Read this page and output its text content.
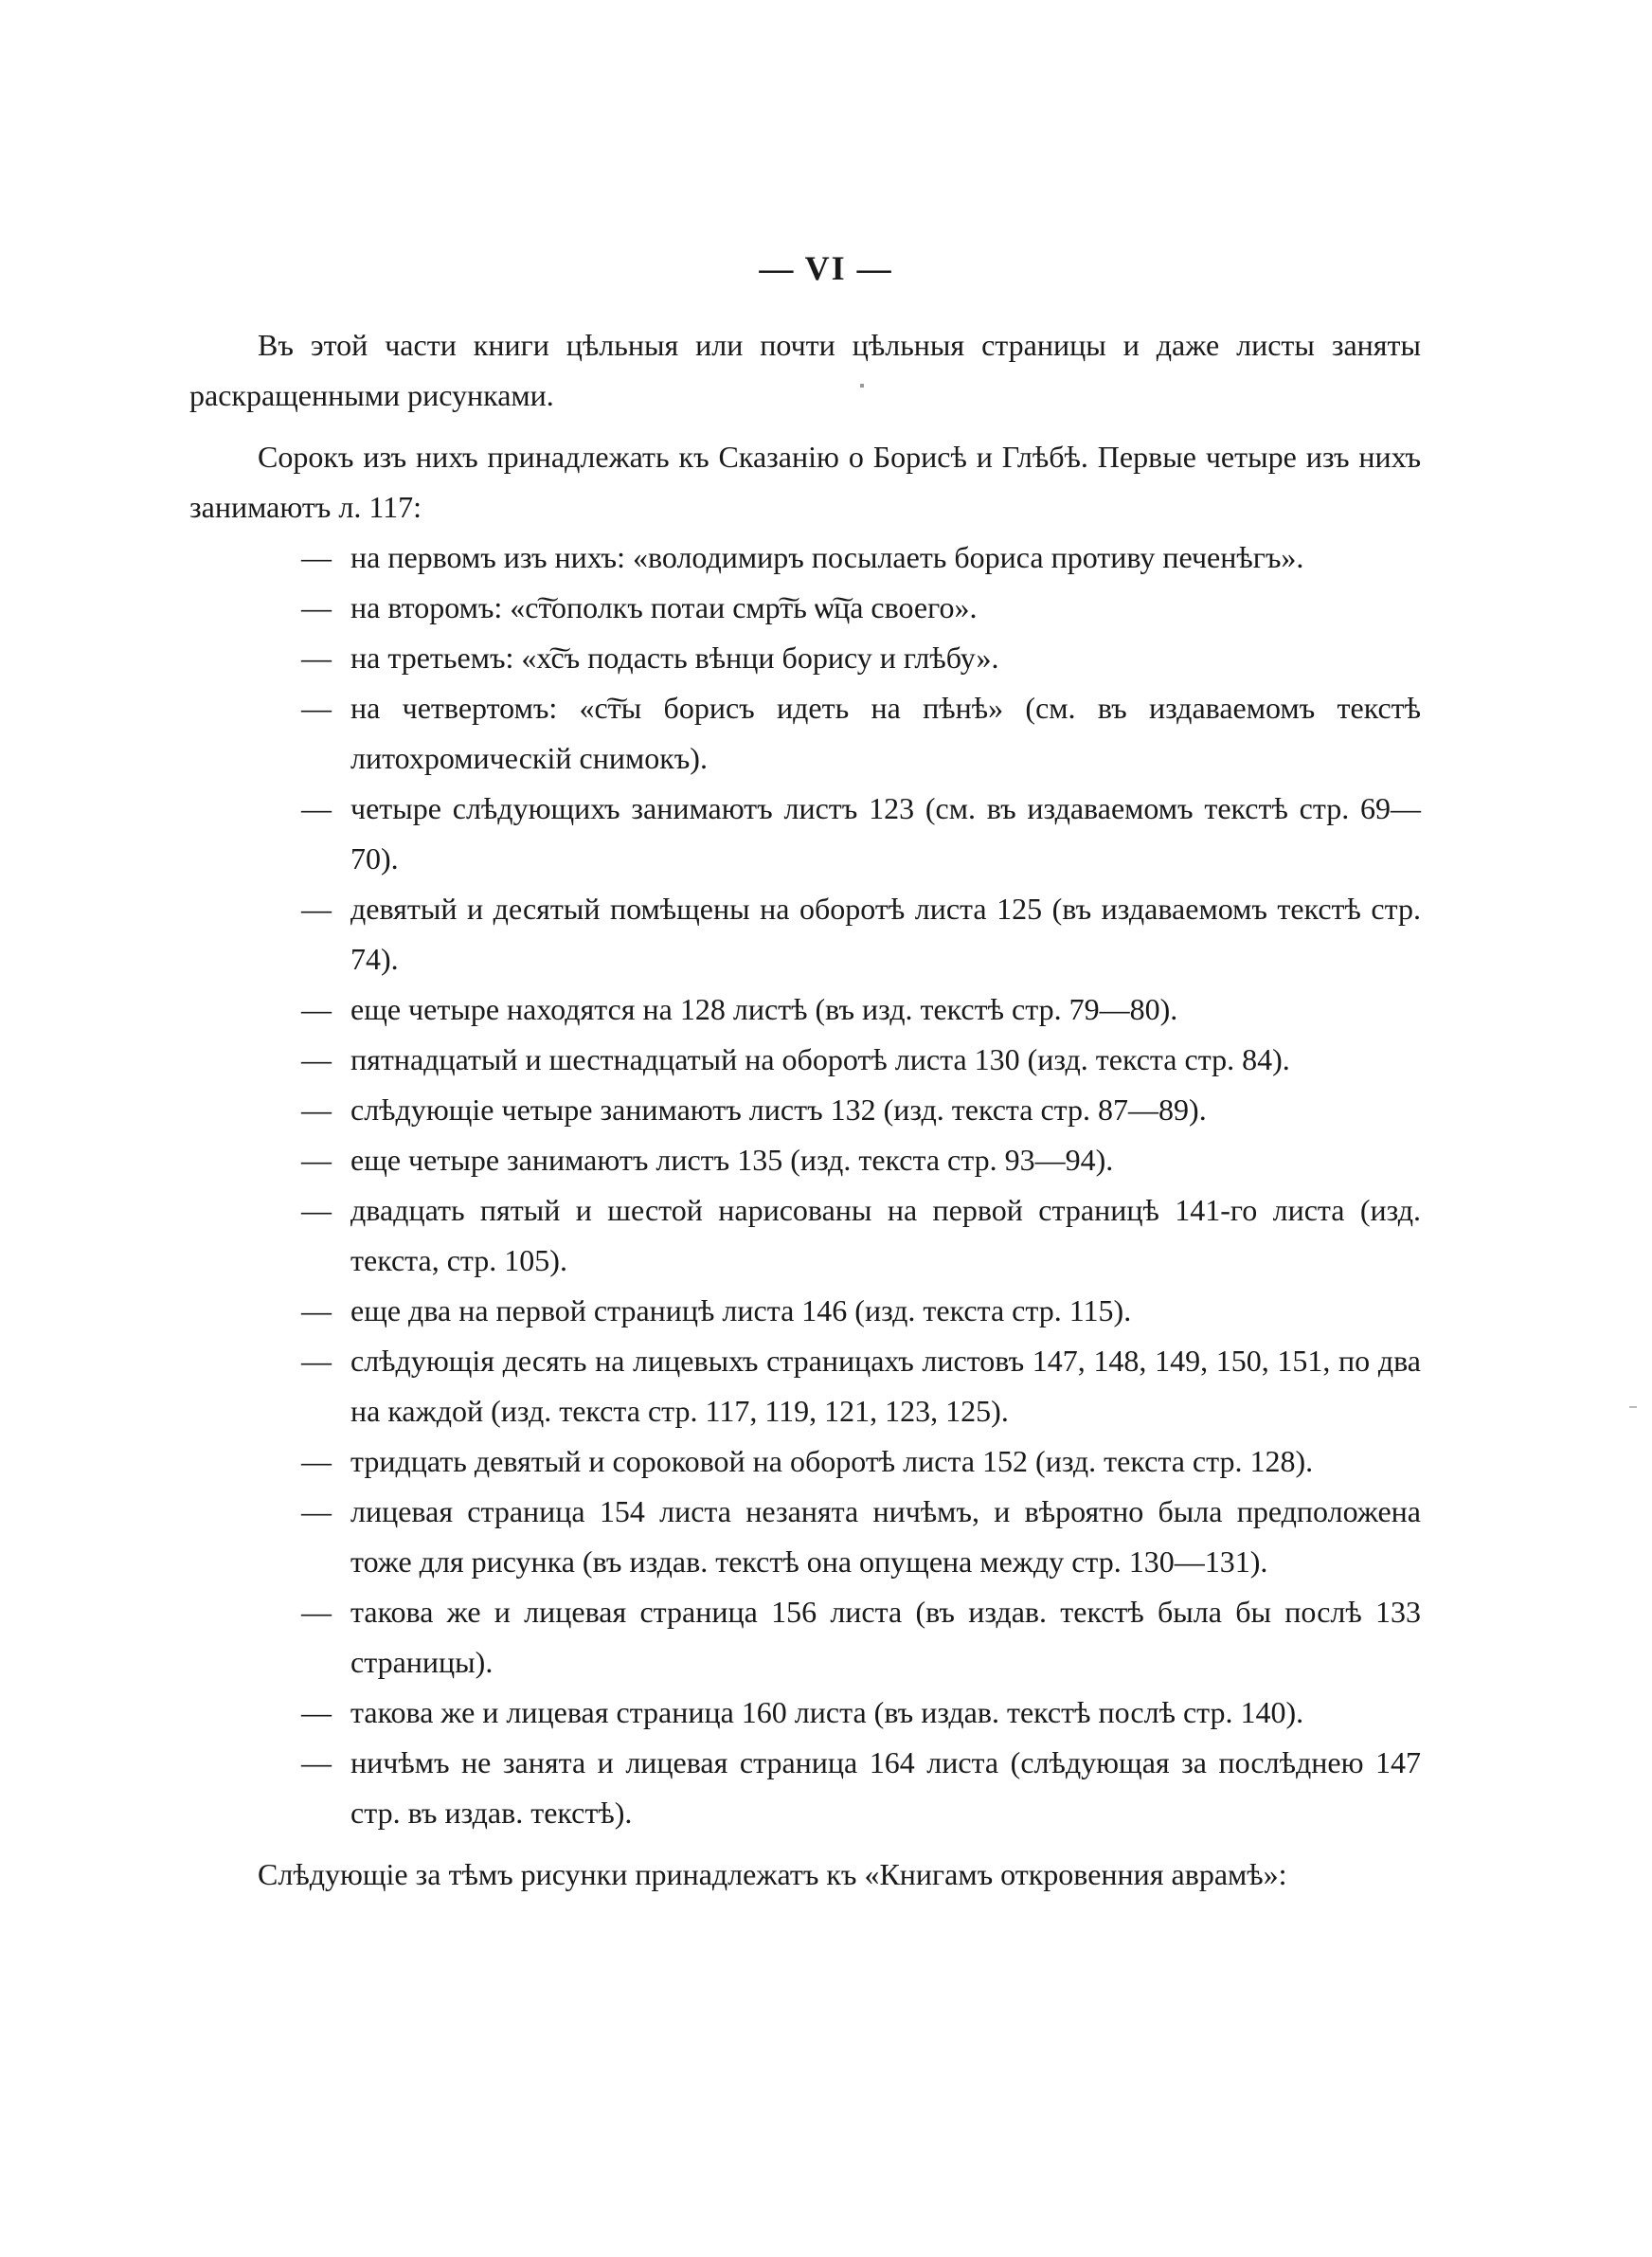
— VI —

Въ этой части книги цѣльныя или почти цѣльныя страницы и даже листы заняты раскращенными рисунками.

Сорокъ изъ нихъ принадлежать къ Сказанію о Борисѣ и Глѣбѣ. Первые четыре изъ нихъ занимаютъ л. 117:

— на первомъ изъ нихъ: «володимиръ посылаеть бориса противу печенѣгъ».

— на второмъ: «с͠тополкъ потаи смр͠ть ѡ͠ца своего».

— на третьемъ: «х͠съ подасть вѣнци борису и глѣбу».

— на четвертомъ: «с͠ты борисъ идеть на пѣнѣ» (см. въ издаваемомъ текстѣ литохромическій снимокъ).

— четыре слѣдующихъ занимаютъ листъ 123 (см. въ издаваемомъ текстѣ стр. 69—70).

— девятый и десятый помѣщены на оборотѣ листа 125 (въ издаваемомъ текстѣ стр. 74).

— еще четыре находятся на 128 листѣ (въ изд. текстѣ стр. 79—80).

— пятнадцатый и шестнадцатый на оборотѣ листа 130 (изд. текста стр. 84).

— слѣдующіе четыре занимаютъ листъ 132 (изд. текста стр. 87—89).

— еще четыре занимаютъ листъ 135 (изд. текста стр. 93—94).

— двадцать пятый и шестой нарисованы на первой страницѣ 141-го листа (изд. текста, стр. 105).

— еще два на первой страницѣ листа 146 (изд. текста стр. 115).

— слѣдующія десять на лицевыхъ страницахъ листовъ 147, 148, 149, 150, 151, по два на каждой (изд. текста стр. 117, 119, 121, 123, 125).

— тридцать девятый и сороковой на оборотѣ листа 152 (изд. текста стр. 128).

— лицевая страница 154 листа незанята ничѣмъ, и вѣроятно была предположена тоже для рисунка (въ издав. текстѣ она опущена между стр. 130—131).

— такова же и лицевая страница 156 листа (въ издав. текстѣ была бы послѣ 133 страницы).

— такова же и лицевая страница 160 листа (въ издав. текстѣ послѣ стр. 140).

— ничѣмъ не занята и лицевая страница 164 листа (слѣдующая за послѣднею 147 стр. въ издав. текстѣ).

Слѣдующіе за тѣмъ рисунки принадлежатъ къ «Книгамъ откровенния аврамѣ»:
